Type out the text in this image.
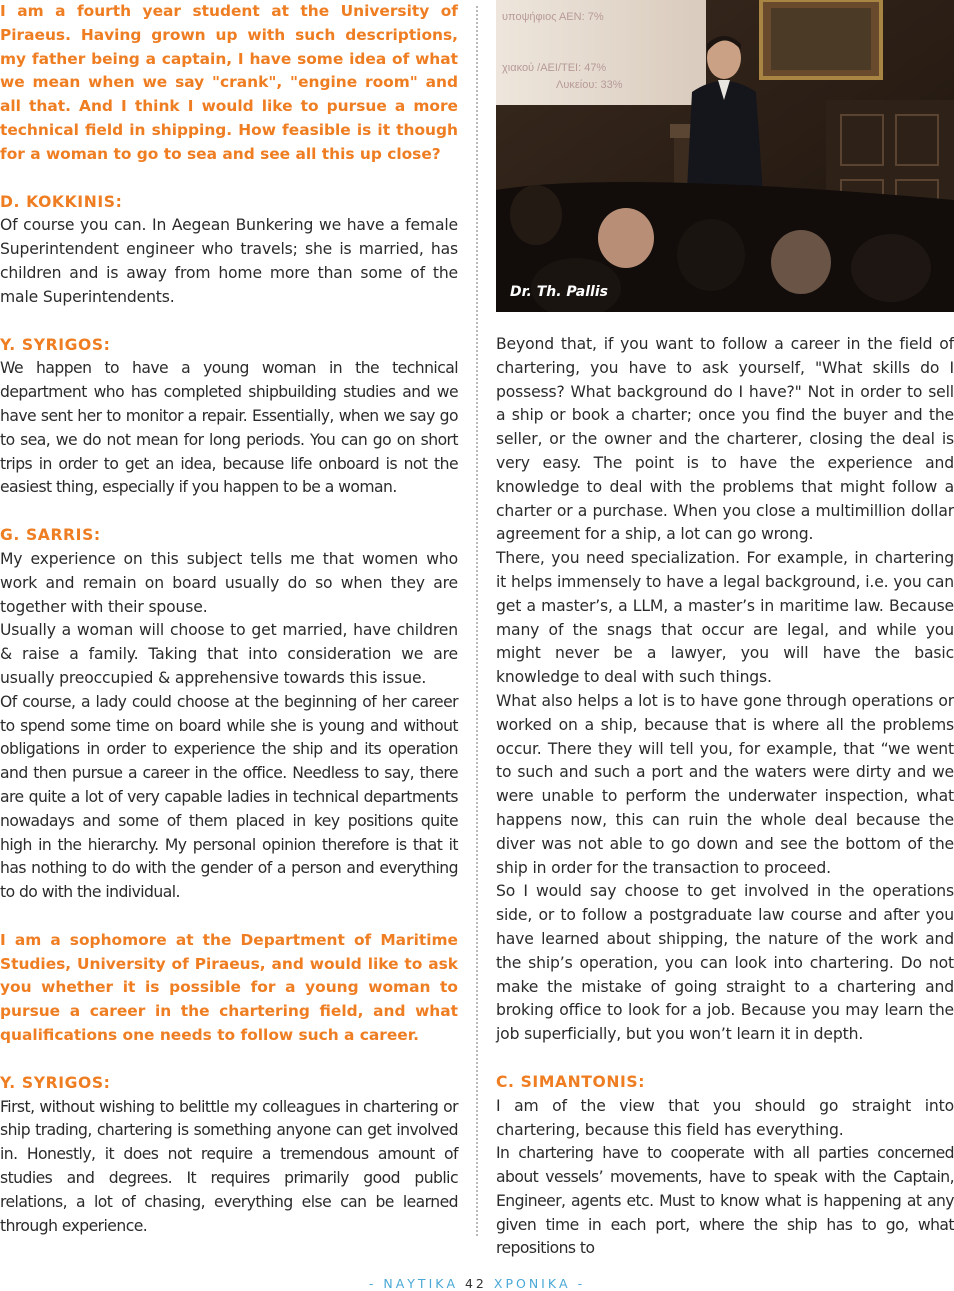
I am a fourth year student at the University of Piraeus. Having grown up with such descriptions, my father being a captain, I have some idea of what we mean when we say "crank", "engine room" and all that. And I think I would like to pursue a more technical field in shipping. How feasible is it though for a woman to go to sea and see all this up close?

D. KOKKINIS:

Of course you can. In Aegean Bunkering we have a female Superintendent engineer who travels; she is married, has children and is away from home more than some of the male Superintendents.

Y. SYRIGOS:

We happen to have a young woman in the technical department who has completed shipbuilding studies and we have sent her to monitor a repair. Essentially, when we say go to sea, we do not mean for long periods. You can go on short trips in order to get an idea, because life onboard is not the easiest thing, especially if you happen to be a woman.

G. SARRIS:

My experience on this subject tells me that women who work and remain on board usually do so when they are together with their spouse.

Usually a woman will choose to get married, have children & raise a family. Taking that into consideration we are usually preoccupied & apprehensive towards this issue.

Of course, a lady could choose at the beginning of her career to spend some time on board while she is young and without obligations in order to experience the ship and its operation and then pursue a career in the office. Needless to say, there are quite a lot of very capable ladies in technical departments nowadays and some of them placed in key positions quite high in the hierarchy. My personal opinion therefore is that it has nothing to do with the gender of a person and everything to do with the individual.

I am a sophomore at the Department of Maritime Studies, University of Piraeus, and would like to ask you whether it is possible for a young woman to pursue a career in the chartering field, and what qualifications one needs to follow such a career.

Y. SYRIGOS:

First, without wishing to belittle my colleagues in chartering or ship trading, chartering is something anyone can get involved in. Honestly, it does not require a tremendous amount of studies and degrees. It requires primarily good public relations, a lot of chasing, everything else can be learned through experience.

υποψήφιος ΑΕΝ: 7%
χιακού /ΑΕΙ/ΤΕΙ: 47%
Λυκείου: 33%
Dr. Th. Pallis

Beyond that, if you want to follow a career in the field of chartering, you have to ask yourself, "What skills do I possess? What background do I have?" Not in order to sell a ship or book a charter; once you find the buyer and the seller, or the owner and the charterer, closing the deal is very easy. The point is to have the experience and knowledge to deal with the problems that might follow a charter or a purchase. When you close a multimillion dollar agreement for a ship, a lot can go wrong.

There, you need specialization. For example, in chartering it helps immensely to have a legal background, i.e. you can get a master’s, a LLM, a master’s in maritime law. Because many of the snags that occur are legal, and while you might never be a lawyer, you will have the basic knowledge to deal with such things.

What also helps a lot is to have gone through operations or worked on a ship, because that is where all the problems occur. There they will tell you, for example, that “we went to such and such a port and the waters were dirty and we were unable to perform the underwater inspection, what happens now, this can ruin the whole deal because the diver was not able to go down and see the bottom of the ship in order for the transaction to proceed.

So I would say choose to get involved in the operations side, or to follow a postgraduate law course and after you have learned about shipping, the nature of the work and the ship’s operation, you can look into chartering. Do not make the mistake of going straight to a chartering and broking office to look for a job. Because you may learn the job superficially, but you won’t learn it in depth.

C. SIMANTONIS:

I am of the view that you should go straight into chartering, because this field has everything.

In chartering have to cooperate with all parties concerned about vessels’ movements, have to speak with the Captain, Engineer, agents etc. Must to know what is happening at any given time in each port, where the ship has to go, what repositions to

- ΝΑΥΤΙΚΑ 42 ΧΡΟΝΙΚΑ -
